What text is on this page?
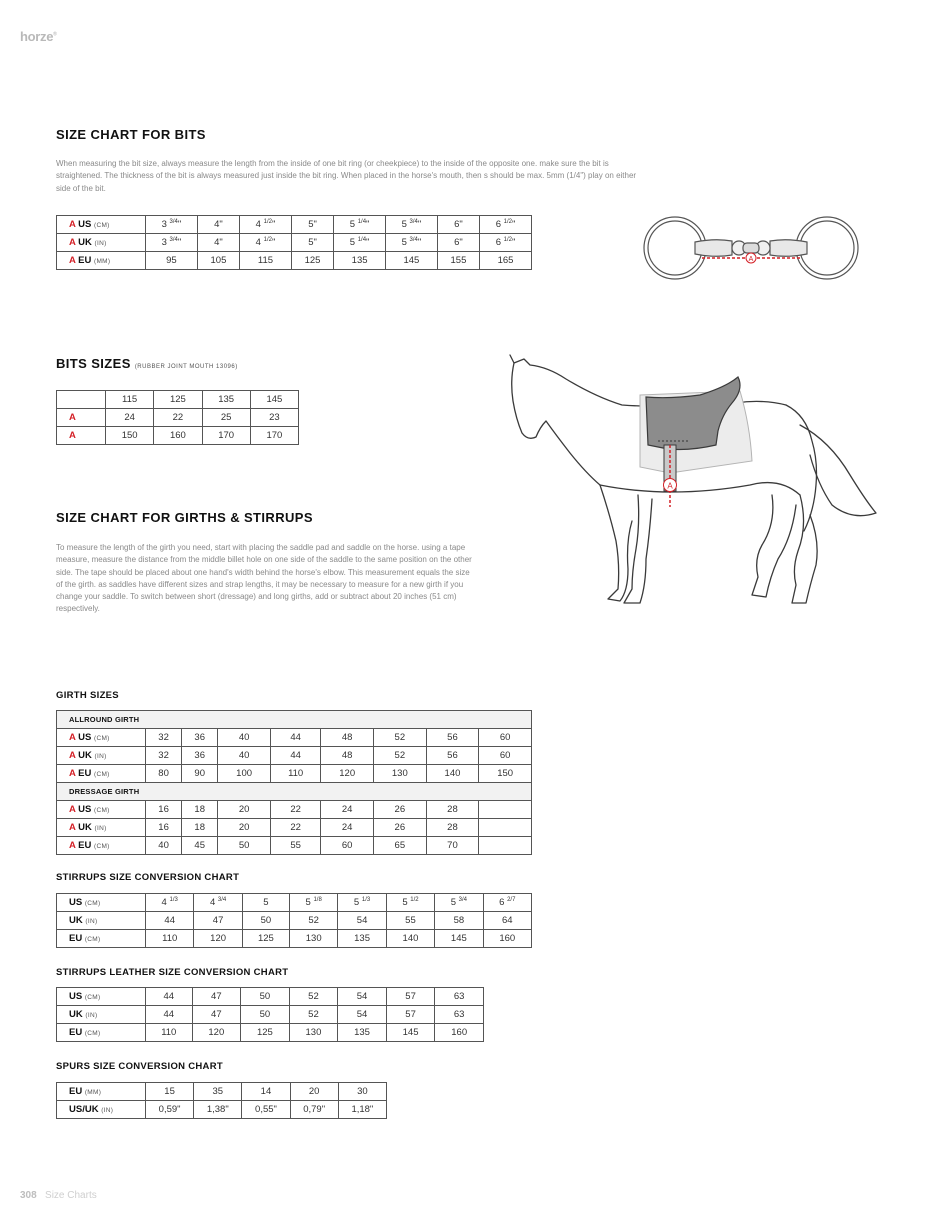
horze®
SIZE CHART FOR BITS

When measuring the bit size, always measure the length from the inside of one bit ring (or cheekpiece) to the inside of the opposite one. make sure the bit is straightened. The thickness of the bit is always measured just inside the bit ring. When placed in the horse's mouth, then s should be max. 5mm (1/4") play on either side of the bit.

A US (CM)	3 $^{3/4}$"	4"	4 $^{1/2}$"	5"	5 $^{1/4}$"	5 $^{3/4}$"	6"	6 $^{1/2}$"
A UK (IN)	3 $^{3/4}$"	4"	4 $^{1/2}$"	5"	5 $^{1/4}$"	5 $^{3/4}$"	6"	6 $^{1/2}$"
A EU (MM)	95	105	115	125	135	145	155	165	A
BITS SIZES (RUBBER JOINT MOUTH 13096)
	115	125	135	145
A	24	22	25	23
A	150	160	170	170
A
SIZE CHART FOR GIRTHS & STIRRUPS

To measure the length of the girth you need, start with placing the saddle pad and saddle on the horse. using a tape measure, measure the distance from the middle billet hole on one side of the saddle to the same position on the other side. The tape should be placed about one hand's width behind the horse's elbow. This measurement equals the size of the girth. as saddles have different sizes and strap lengths, it may be necessary to measure for a new girth if you change your saddle. To switch between short (dressage) and long girths, add or subtract about 20 inches (51 cm) respectively.

GIRTH SIZES
ALLROUND GIRTH								
A US (CM)	32	36	40	44	48	52	56	60
A UK (IN)	32	36	40	44	48	52	56	60
A EU (CM)	80	90	100	110	120	130	140	150
DRESSAGE GIRTH								
A US (CM)	16	18	20	22	24	26	28	
A UK (IN)	16	18	20	22	24	26	28	
A EU (CM)	40	45	50	55	60	65	70	
STIRRUPS SIZE CONVERSION CHART
US (CM)	4 $^{1/3}$	4 $^{3/4}$	5	5 $^{1/8}$	5 $^{1/3}$	5 $^{1/2}$	5 $^{3/4}$	6 $^{2/7}$
UK (IN)	44	47	50	52	54	55	58	64
EU (CM)	110	120	125	130	135	140	145	160
STIRRUPS LEATHER SIZE CONVERSION CHART
US (CM)	44	47	50	52	54	57	63
UK (IN)	44	47	50	52	54	57	63
EU (CM)	110	120	125	130	135	145	160
SPURS SIZE CONVERSION CHART
EU (MM)	15	35	14	20	30
US/UK (IN)	0,59"	1,38"	0,55"	0,79"	1,18"
308 Size Charts
